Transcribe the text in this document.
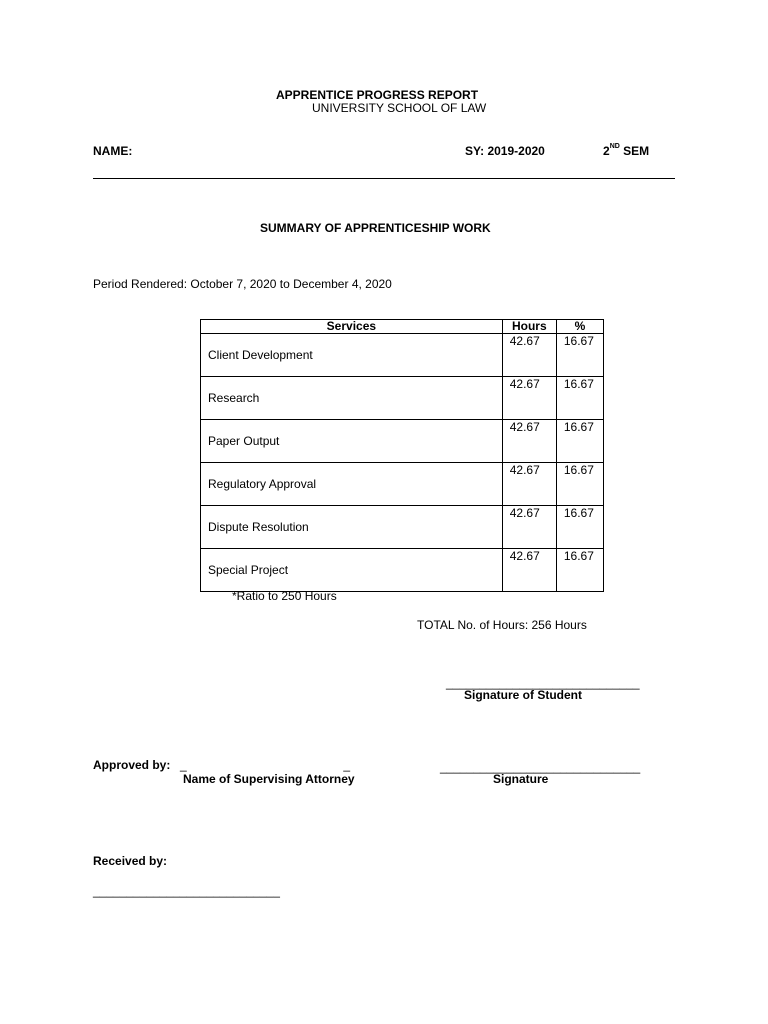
APPRENTICE PROGRESS REPORT
UNIVERSITY SCHOOL OF LAW
NAME:	SY: 2019-2020	2ND SEM
SUMMARY OF APPRENTICESHIP WORK
Period Rendered: October 7, 2020 to December 4, 2020
Services	Hours	%
Client Development	42.67	16.67
Research	42.67	16.67
Paper Output	42.67	16.67
Regulatory Approval	42.67	16.67
Dispute Resolution	42.67	16.67
Special Project	42.67	16.67
*Ratio to 250 Hours
TOTAL No. of Hours: 256 Hours
_____________________________
Signature of Student
Approved by: _                                               _
Name of Supervising Attorney
______________________________
Signature
Received by:
____________________________
